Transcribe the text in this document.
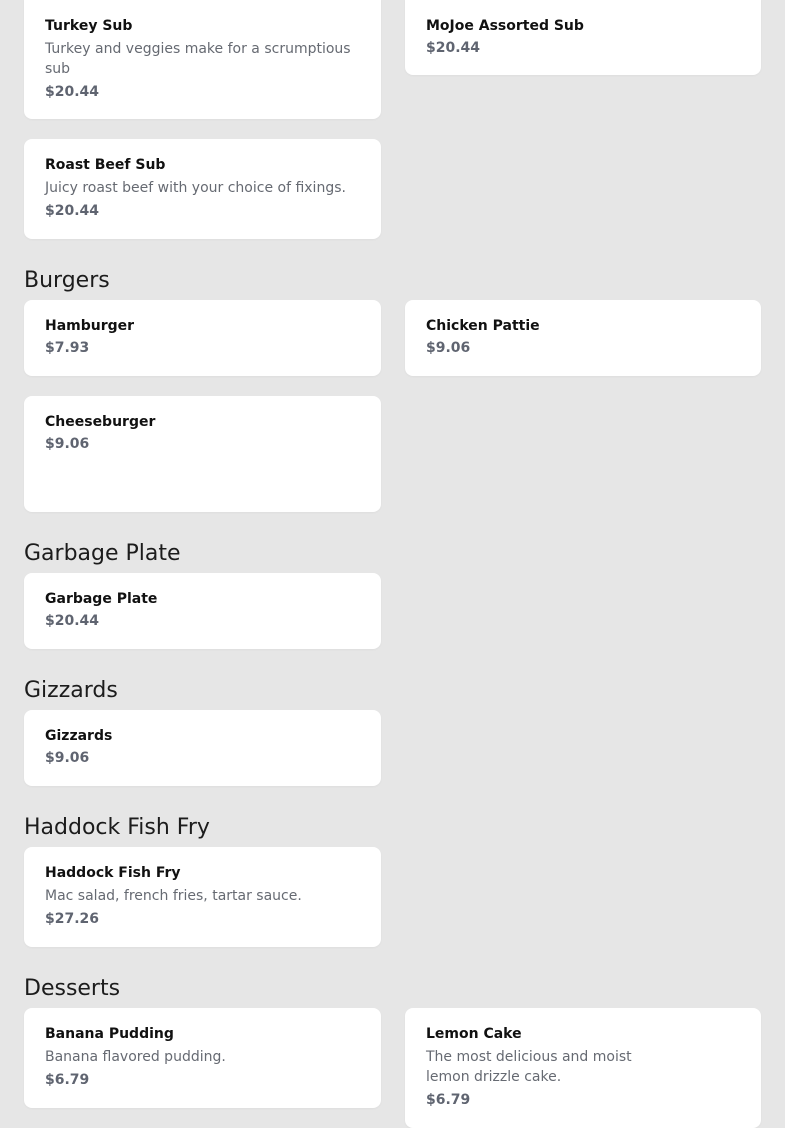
Turkey Sub
Turkey and veggies make for a scrumptious sub
$20.44
MoJoe Assorted Sub
$20.44
Roast Beef Sub
Juicy roast beef with your choice of fixings.
$20.44
Burgers
Hamburger
$7.93
Chicken Pattie
$9.06
Cheeseburger
$9.06
Garbage Plate
Garbage Plate
$20.44
Gizzards
Gizzards
$9.06
Haddock Fish Fry
Haddock Fish Fry
Mac salad, french fries, tartar sauce.
$27.26
Desserts
Banana Pudding
Banana flavored pudding.
$6.79
Lemon Cake
The most delicious and moist lemon drizzle cake.
$6.79
